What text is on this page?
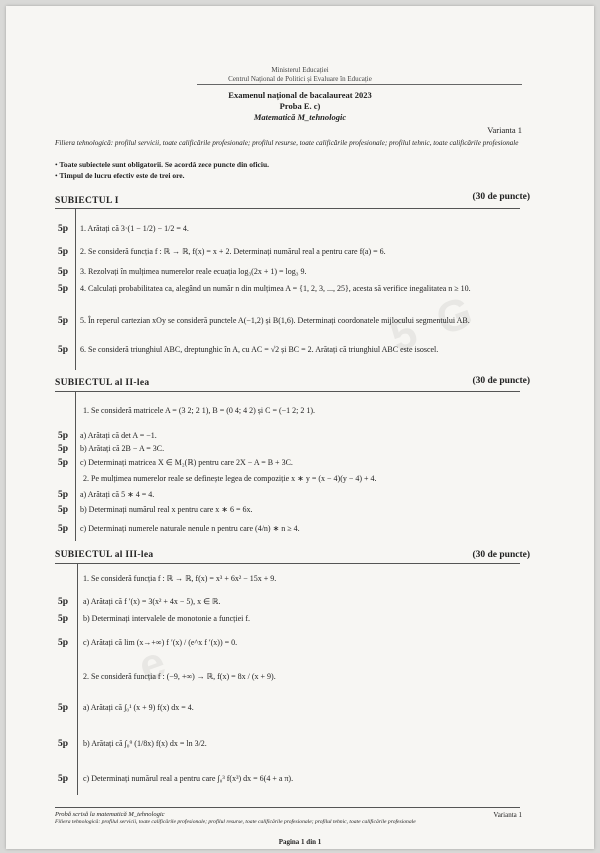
5  G
e
Ministerul Educației
Centrul Național de Politici și Evaluare în Educație
Examenul național de bacalaureat 2023
Proba E. c)
Matematică M_tehnologic
Varianta 1
Filiera tehnologică: profilul servicii, toate calificările profesionale; profilul resurse, toate calificările profesionale; profilul tehnic, toate calificările profesionale
• Toate subiectele sunt obligatorii. Se acordă zece puncte din oficiu.
• Timpul de lucru efectiv este de trei ore.
SUBIECTUL I	(30 de puncte)
5p 1. Arătați că 3·(1 − 1/2) − 1/2 = 4.
5p 2. Se consideră funcția f : ℝ → ℝ, f(x) = x + 2. Determinați numărul real a pentru care f(a) = 6.
5p 3. Rezolvați în mulțimea numerelor reale ecuația log₃(2x + 1) = log₃ 9.
5p 4. Calculați probabilitatea ca, alegând un număr n din mulțimea A = {1, 2, 3, ..., 25}, acesta să verifice inegalitatea n ≥ 10.
5p 5. În reperul cartezian xOy se consideră punctele A(−1,2) și B(1,6). Determinați coordonatele mijlocului segmentului AB.
5p 6. Se consideră triunghiul ABC, dreptunghic în A, cu AC = √2 și BC = 2. Arătați că triunghiul ABC este isoscel.
SUBIECTUL al II-lea	(30 de puncte)
1. Se consideră matricele A = (3 2; 2 1), B = (0 4; 4 2) și C = (−1 2; 2 1).
5p a) Arătați că det A = −1.
5p b) Arătați că 2B − A = 3C.
5p c) Determinați matricea X ∈ M₂(ℝ) pentru care 2X − A = B + 3C.
2. Pe mulțimea numerelor reale se definește legea de compoziție x ∗ y = (x − 4)(y − 4) + 4.
5p a) Arătați că 5 ∗ 4 = 4.
5p b) Determinați numărul real x pentru care x ∗ 6 = 6x.
5p c) Determinați numerele naturale nenule n pentru care (4/n) ∗ n ≥ 4.
SUBIECTUL al III-lea	(30 de puncte)
1. Se consideră funcția f : ℝ → ℝ, f(x) = x³ + 6x² − 15x + 9.
5p a) Arătați că f ′(x) = 3(x² + 4x − 5), x ∈ ℝ.
5p b) Determinați intervalele de monotonie a funcției f.
5p c) Arătați că lim (x→+∞) f ′(x) / (e^x f ′(x)) = 0.
2. Se consideră funcția f : (−9, +∞) → ℝ, f(x) = 8x / (x + 9).
5p a) Arătați că ∫₀¹ (x + 9) f(x) dx = 4.
5p b) Arătați că ∫₀⁹ (1/8x) f(x) dx = ln 3/2.
5p c) Determinați numărul real a pentru care ∫₀³ f(x³) dx = 6(4 + a π).
Probă scrisă la matematică M_tehnologic
Filiera tehnologică: profilul servicii, toate calificările profesionale; profilul resurse, toate calificările profesionale; profilul tehnic, toate calificările profesionale
Varianta 1
Pagina 1 din 1
